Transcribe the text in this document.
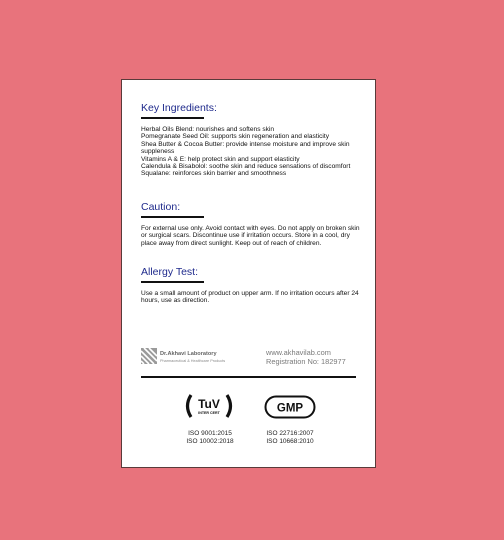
Key Ingredients:
Herbal Oils Blend: nourishes and softens skin
Pomegranate Seed Oil: supports skin regeneration and elasticity
Shea Butter & Cocoa Butter: provide intense moisture and improve skin suppleness
Vitamins A & E: help protect skin and support elasticity
Calendula & Bisabolol: soothe skin and reduce sensations of discomfort
Squalane: reinforces skin barrier and smoothness
Caution:
For external use only. Avoid contact with eyes. Do not apply on broken skin or surgical scars. Discontinue use if irritation occurs. Store in a cool, dry place away from direct sunlight. Keep out of reach of children.
Allergy Test:
Use a small amount of product on upper arm. If no irritation occurs after 24 hours, use as direction.
Dr.Akhavi Laboratory
Pharmaceutical & Healthcare Products
www.akhavilab.com
Registration No: 182977
TuV
INTER CERT
ISO 9001:2015
ISO 10002:2018
GMP
ISO 22716:2007
ISO 10668:2010
